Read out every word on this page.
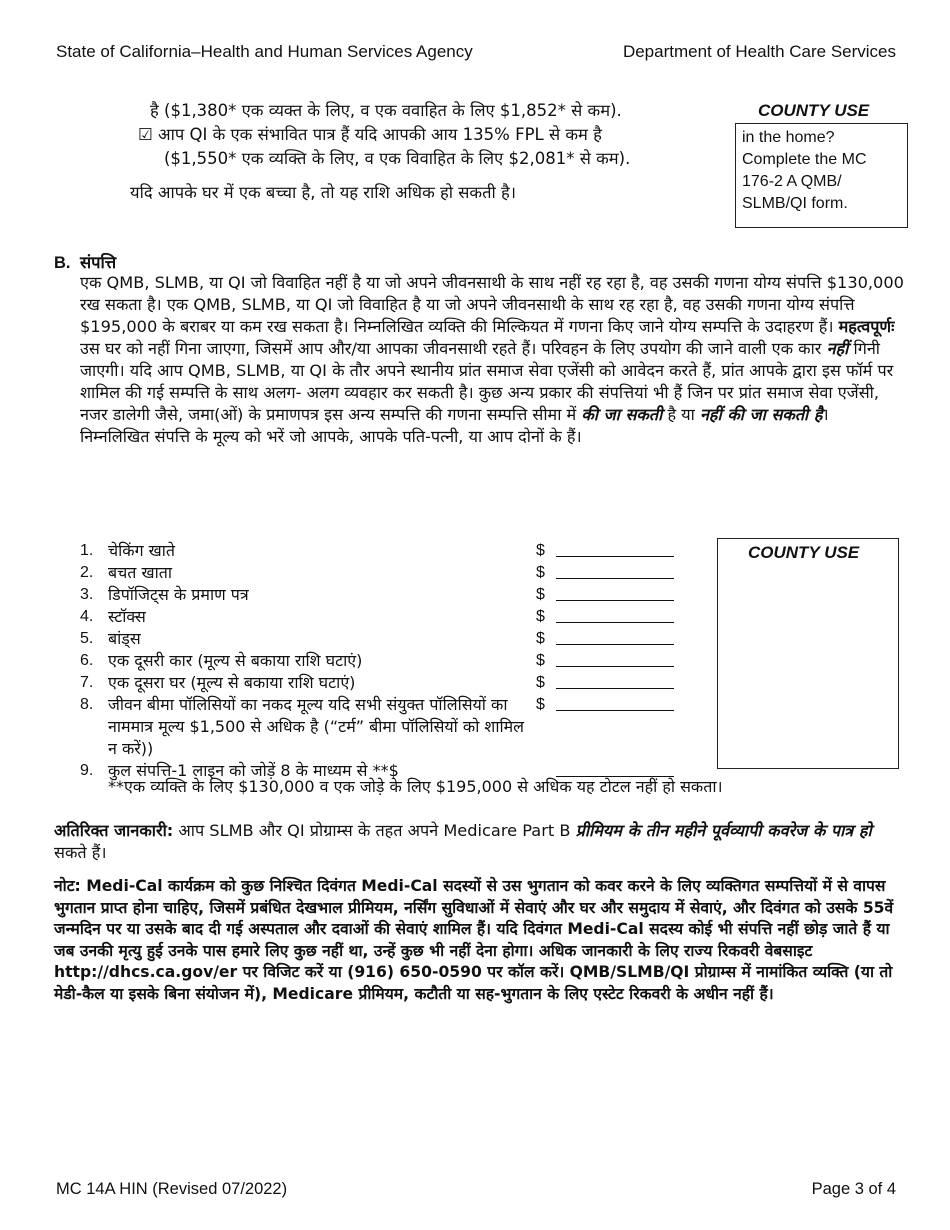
State of California–Health and Human Services Agency	Department of Health Care Services
है ($1,380* एक व्यक्त के लिए, व एक ववाहित के लिए $1,852* से कम).
☑ आप QI के एक संभावित पात्र हैं यदि आपकी आय 135% FPL से कम है
($1,550* एक व्यक्ति के लिए, व एक विवाहित के लिए $2,081* से कम).
यदि आपके घर में एक बच्चा है, तो यह राशि अधिक हो सकती है।
COUNTY USE
in the home? Complete the MC 176-2 A QMB/ SLMB/QI form.
B. संपत्ति

एक QMB, SLMB, या QI जो विवाहित नहीं है या जो अपने जीवनसाथी के साथ नहीं रह रहा है, वह उसकी गणना योग्य संपत्ति $130,000 रख सकता है। एक QMB, SLMB, या QI जो विवाहित है या जो अपने जीवनसाथी के साथ रह रहा है, वह उसकी गणना योग्य संपत्ति $195,000 के बराबर या कम रख सकता है। निम्नलिखित व्यक्ति की मिल्कियत में गणना किए जाने योग्य सम्पत्ति के उदाहरण हैं। महत्वपूर्णः उस घर को नहीं गिना जाएगा, जिसमें आप और/या आपका जीवनसाथी रहते हैं। परिवहन के लिए उपयोग की जाने वाली एक कार नहीं गिनी जाएगी। यदि आप QMB, SLMB, या QI के तौर अपने स्थानीय प्रांत समाज सेवा एजेंसी को आवेदन करते हैं, प्रांत आपके द्वारा इस फॉर्म पर शामिल की गई सम्पत्ति के साथ अलग- अलग व्यवहार कर सकती है। कुछ अन्य प्रकार की संपत्तियां भी हैं जिन पर प्रांत समाज सेवा एजेंसी, नजर डालेगी जैसे, जमा(ओं) के प्रमाणपत्र इस अन्य सम्पत्ति की गणना सम्पत्ति सीमा में की जा सकती है या नहीं की जा सकती है।

निम्नलिखित संपत्ति के मूल्य को भरें जो आपके, आपके पति-पत्नी, या आप दोनों के हैं।

1. चेकिंग खाते	$
2. बचत खाता	$
3. डिपॉजिट्स के प्रमाण पत्र	$
4. स्टॉक्स	$
5. बांड्स	$
6. एक दूसरी कार (मूल्य से बकाया राशि घटाएं)	$
7. एक दूसरा घर (मूल्य से बकाया राशि घटाएं)	$
8. जीवन बीमा पॉलिसियों का नकद मूल्य यदि सभी संयुक्त पॉलिसियों का नाममात्र मूल्य $1,500 से अधिक है (“टर्म” बीमा पॉलिसियों को शामिल न करें))
$
9. कुल संपत्ति-1 लाइन को जोड़ें 8 के माध्यम से **$
**एक व्यक्ति के लिए $130,000 व एक जोड़े के लिए $195,000 से अधिक यह टोटल नहीं हो सकता।
COUNTY USE
अतिरिक्त जानकारी: आप SLMB और QI प्रोग्राम्स के तहत अपने Medicare Part B प्रीमियम के तीन महीने पूर्वव्यापी कवरेज के पात्र हो सकते हैं।
नोट: Medi-Cal कार्यक्रम को कुछ निश्चित दिवंगत Medi-Cal सदस्यों से उस भुगतान को कवर करने के लिए व्यक्तिगत सम्पत्तियों में से वापस भुगतान प्राप्त होना चाहिए, जिसमें प्रबंधित देखभाल प्रीमियम, नर्सिंग सुविधाओं में सेवाएं और घर और समुदाय में सेवाएं, और दिवंगत को उसके 55वें जन्मदिन पर या उसके बाद दी गई अस्पताल और दवाओं की सेवाएं शामिल हैं। यदि दिवंगत Medi-Cal सदस्य कोई भी संपत्ति नहीं छोड़ जाते हैं या जब उनकी मृत्यु हुई उनके पास हमारे लिए कुछ नहीं था, उन्हें कुछ भी नहीं देना होगा। अधिक जानकारी के लिए राज्य रिकवरी वेबसाइट http://dhcs.ca.gov/er पर विजिट करें या (916) 650-0590 पर कॉल करें। QMB/SLMB/QI प्रोग्राम्स में नामांकित व्यक्ति (या तो मेडी-कैल या इसके बिना संयोजन में), Medicare प्रीमियम, कटौती या सह-भुगतान के लिए एस्टेट रिकवरी के अधीन नहीं हैं।
MC 14A HIN (Revised 07/2022)	Page 3 of 4
